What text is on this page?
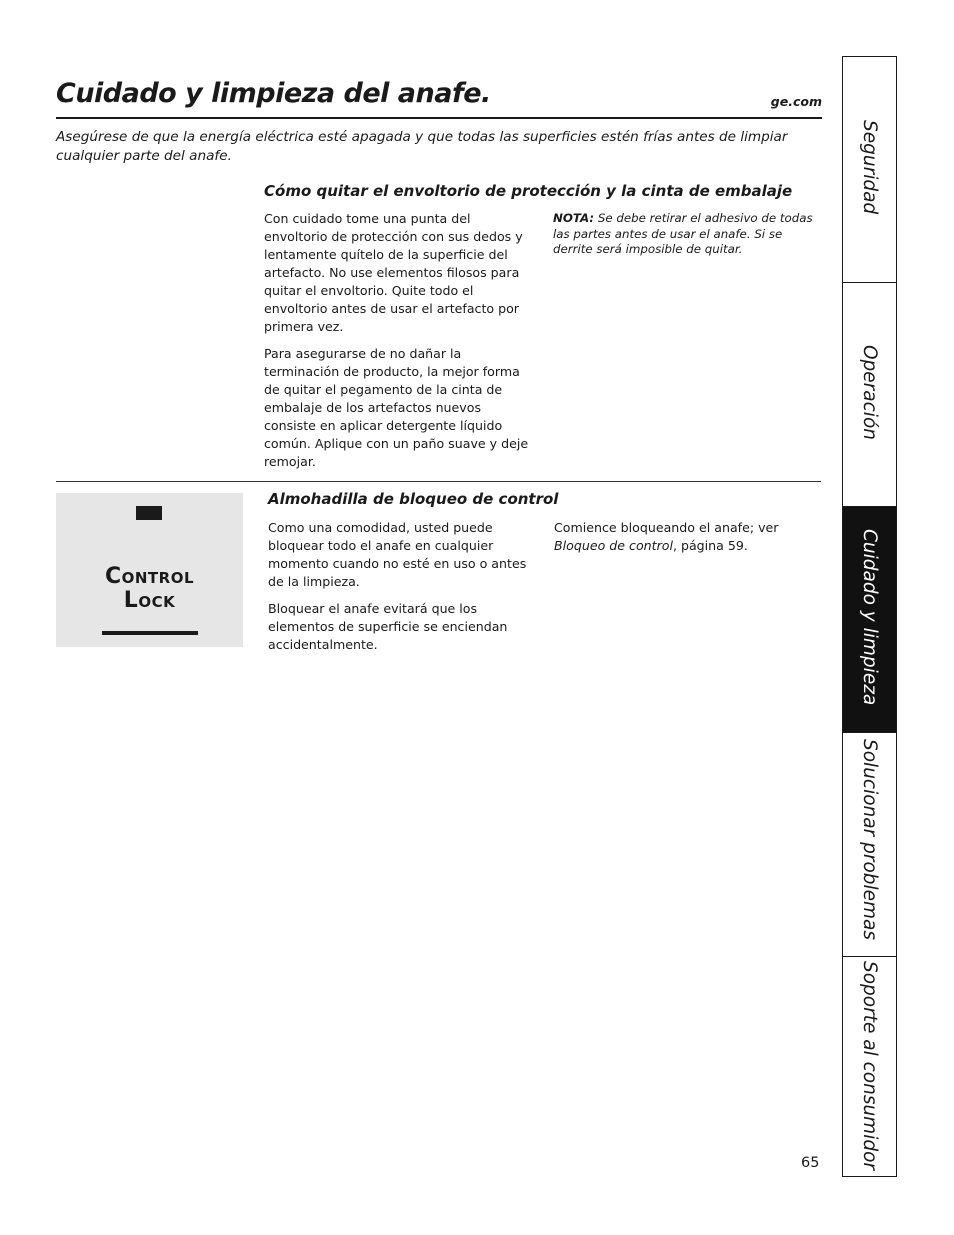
Cuidado y limpieza del anafe.	ge.com
Asegúrese de que la energía eléctrica esté apagada y que todas las superficies estén frías antes de limpiar cualquier parte del anafe.
Cómo quitar el envoltorio de protección y la cinta de embalaje

Con cuidado tome una punta del envoltorio de protección con sus dedos y lentamente quítelo de la superficie del artefacto. No use elementos filosos para quitar el envoltorio. Quite todo el envoltorio antes de usar el artefacto por primera vez.

Para asegurarse de no dañar la terminación de producto, la mejor forma de quitar el pegamento de la cinta de embalaje de los artefactos nuevos consiste en aplicar detergente líquido común. Aplique con un paño suave y deje remojar.

NOTA: Se debe retirar el adhesivo de todas las partes antes de usar el anafe. Si se derrite será imposible de quitar.
Control
Lock
Almohadilla de bloqueo de control

Como una comodidad, usted puede bloquear todo el anafe en cualquier momento cuando no esté en uso o antes de la limpieza.

Bloquear el anafe evitará que los elementos de superficie se enciendan accidentalmente.

Comience bloqueando el anafe; ver Bloqueo de control, página 59.

Seguridad
Operación
Cuidado y limpieza
Solucionar problemas
Soporte al consumidor
65
